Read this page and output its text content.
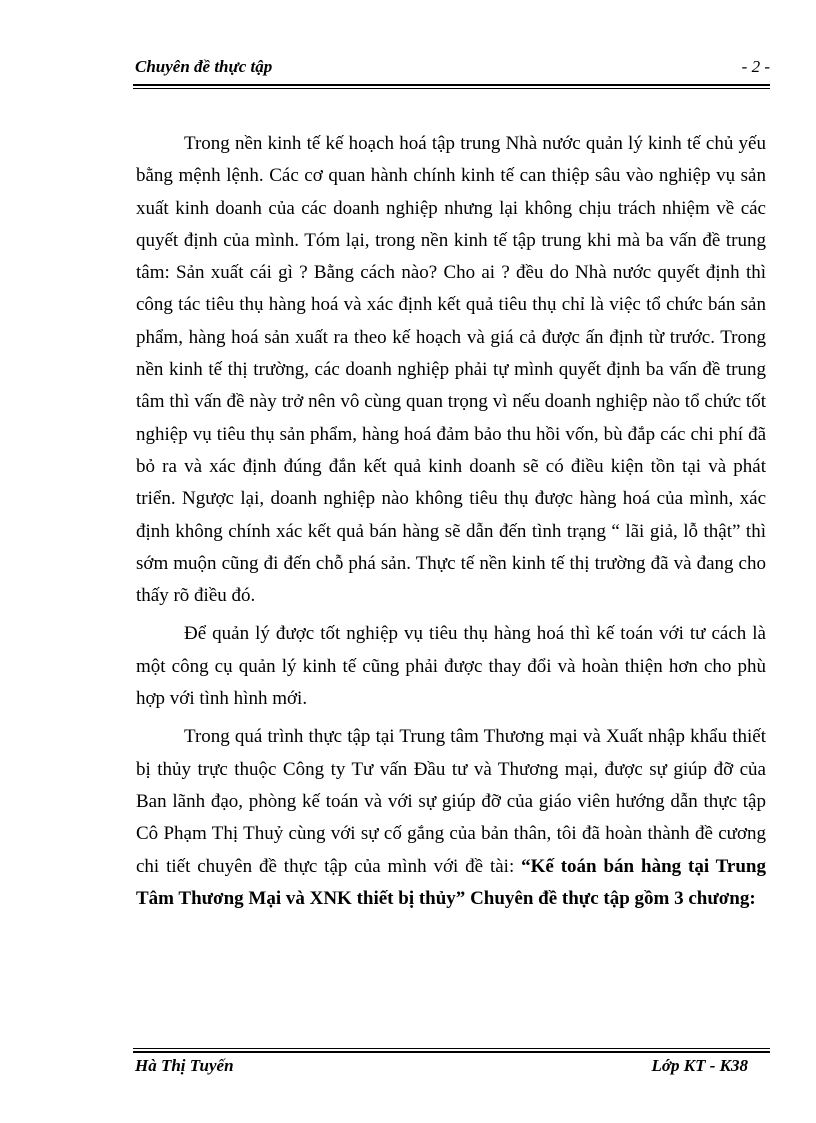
Chuyên đề thực tập	- 2 -

Trong nền kinh tế kế hoạch hoá tập trung Nhà nước quản lý kinh tế chủ yếu bằng mệnh lệnh. Các cơ quan hành chính kinh tế can thiệp sâu vào nghiệp vụ sản xuất kinh doanh của các doanh nghiệp nhưng lại không chịu trách nhiệm về các quyết định của mình. Tóm lại, trong nền kinh tế tập trung khi mà ba vấn đề trung tâm: Sản xuất cái gì ? Bằng cách nào? Cho ai ? đều do Nhà nước quyết định thì công tác tiêu thụ hàng hoá và xác định kết quả tiêu thụ chỉ là việc tổ chức bán sản phẩm, hàng hoá sản xuất ra theo kế hoạch và giá cả được ấn định từ trước. Trong nền kinh tế thị trường, các doanh nghiệp phải tự mình quyết định ba vấn đề trung tâm thì vấn đề này trở nên vô cùng quan trọng vì nếu doanh nghiệp nào tổ chức tốt nghiệp vụ tiêu thụ sản phẩm, hàng hoá đảm bảo thu hồi vốn, bù đắp các chi phí đã bỏ ra và xác định đúng đắn kết quả kinh doanh sẽ có điều kiện tồn tại và phát triển. Ngược lại, doanh nghiệp nào không tiêu thụ được hàng hoá của mình, xác định không chính xác kết quả bán hàng sẽ dẫn đến tình trạng “ lãi giả, lỗ thật” thì sớm muộn cũng đi đến chỗ phá sản. Thực tế nền kinh tế thị trường đã và đang cho thấy rõ điều đó.

Để quản lý được tốt nghiệp vụ tiêu thụ hàng hoá thì kế toán với tư cách là một công cụ quản lý kinh tế cũng phải được thay đổi và hoàn thiện hơn cho phù hợp với tình hình mới.

Trong quá trình thực tập tại Trung tâm Thương mại và Xuất nhập khẩu thiết bị thủy trực thuộc Công ty Tư vấn Đầu tư và Thương mại, được sự giúp đỡ của Ban lãnh đạo, phòng kế toán và với sự giúp đỡ của giáo viên hướng dẫn thực tập Cô Phạm Thị Thuỷ cùng với sự cố gắng của bản thân, tôi đã hoàn thành đề cương chi tiết chuyên đề thực tập của mình với đề tài: “Kế toán bán hàng tại Trung Tâm Thương Mại và XNK thiết bị thủy” Chuyên đề thực tập gồm 3 chương:

Hà Thị Tuyến	Lớp KT - K38
